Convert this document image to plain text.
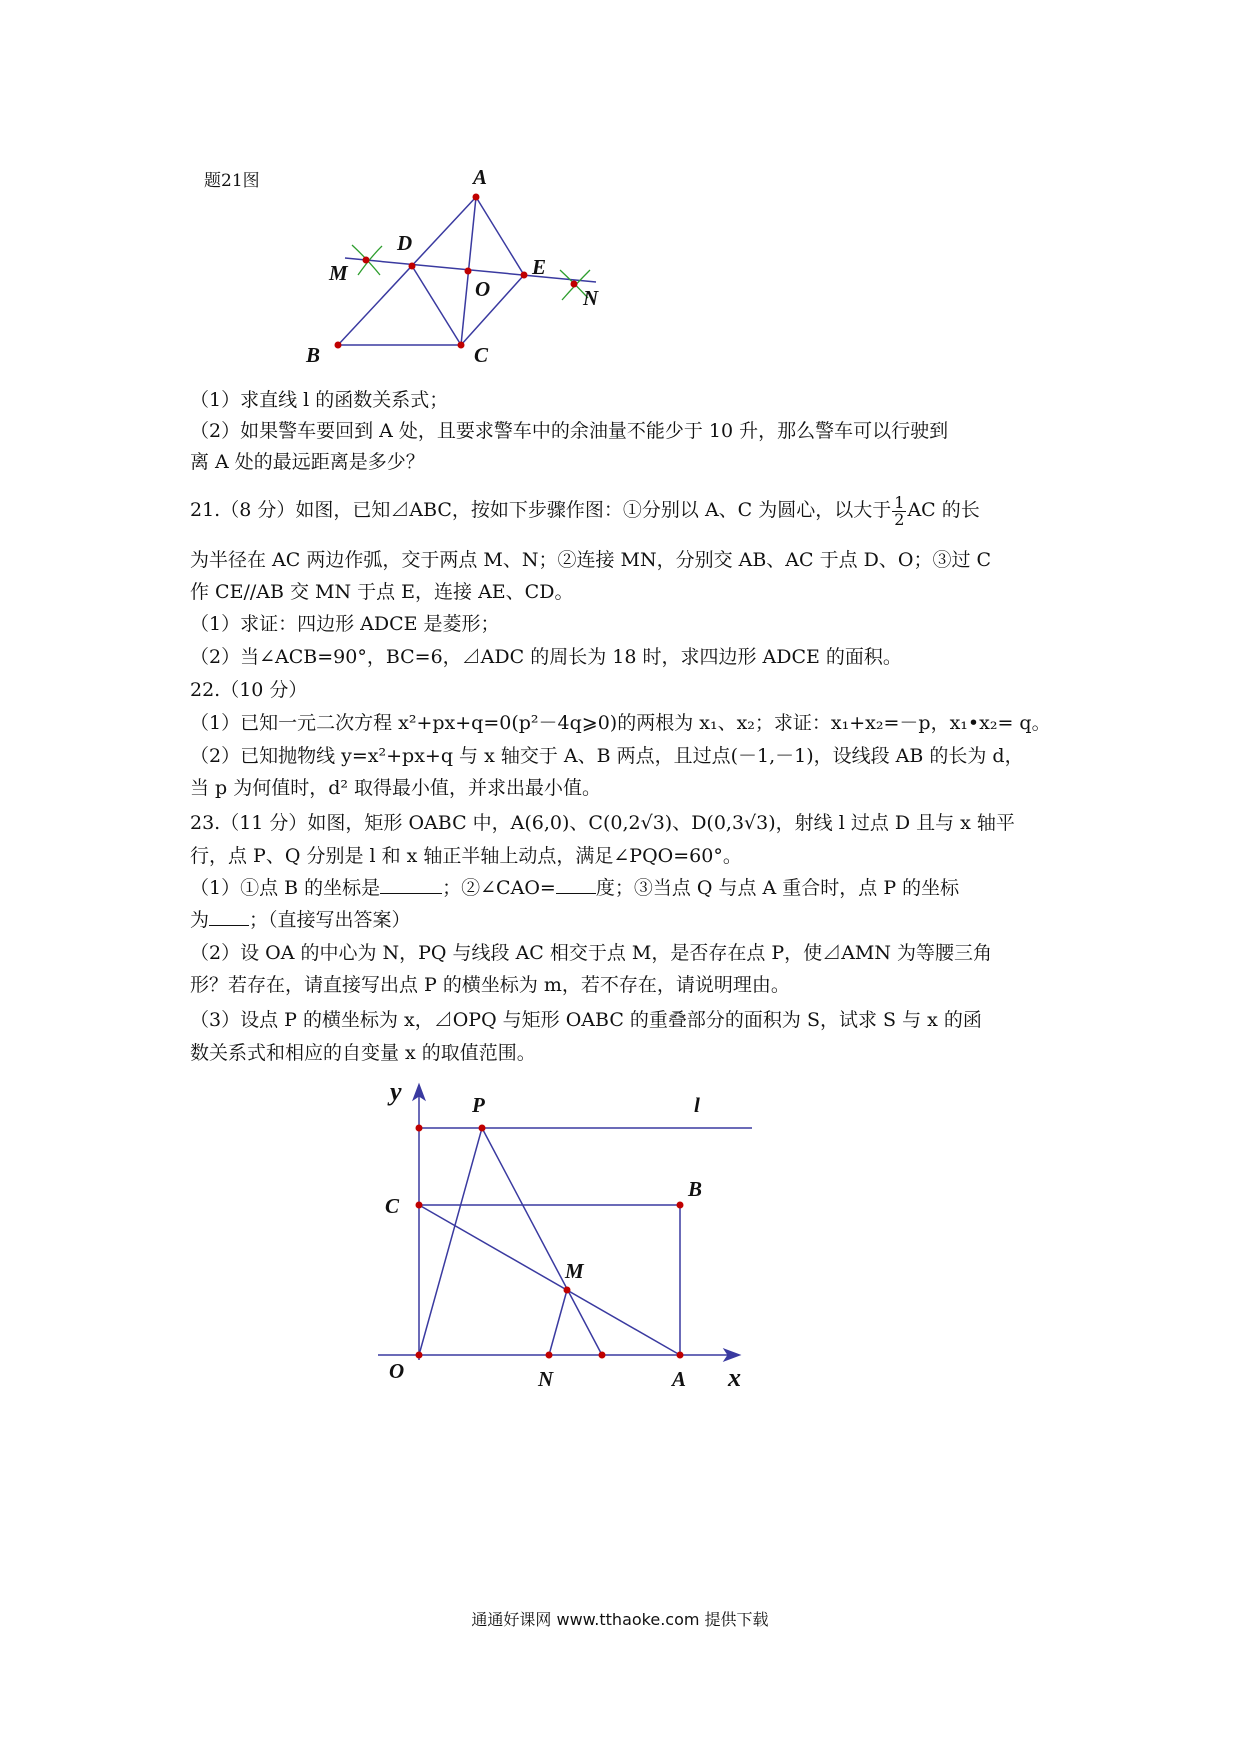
题21图	A
D
M	E
O	N
B	C
（1）求直线 l 的函数关系式；
（2）如果警车要回到 A 处，且要求警车中的余油量不能少于 10 升，那么警车可以行驶到
离 A 处的最远距离是多少？
21.（8 分）如图，已知⊿ABC，按如下步骤作图：①分别以 A、C 为圆心，以大于 $\frac{1}{2}$ AC 的长
为半径在 AC 两边作弧，交于两点 M、N；②连接 MN，分别交 AB、AC 于点 D、O；③过 C
作 CE//AB 交 MN 于点 E，连接 AE、CD。
（1）求证：四边形 ADCE 是菱形；
（2）当∠ACB=90°，BC=6，⊿ADC 的周长为 18 时，求四边形 ADCE 的面积。
22.（10 分）
（1）已知一元二次方程 x²+px+q=0(p²－4q⩾0)的两根为 x₁、x₂；求证：x₁+x₂=－p，x₁•x₂= q。
（2）已知抛物线 y=x²+px+q 与 x 轴交于 A、B 两点，且过点(－1,－1)，设线段 AB 的长为 d，
当 p 为何值时，d² 取得最小值，并求出最小值。
23.（11 分）如图，矩形 OABC 中，A(6,0)、C(0,2√3)、D(0,3√3)，射线 l 过点 D 且与 x 轴平
行，点 P、Q 分别是 l 和 x 轴正半轴上动点，满足∠PQO=60°。
（1）①点 B 的坐标是	；②∠CAO= 度；③当点 Q 与点 A 重合时，点 P 的坐标
为 ；（直接写出答案）
（2）设 OA 的中心为 N，PQ 与线段 AC 相交于点 M，是否存在点 P，使⊿AMN 为等腰三角
形？若存在，请直接写出点 P 的横坐标为 m，若不存在，请说明理由。
（3）设点 P 的横坐标为 x，⊿OPQ 与矩形 OABC 的重叠部分的面积为 S，试求 S 与 x 的函
数关系式和相应的自变量 x 的取值范围。
y	P	l
C
B
M
O	N	A x
通通好课网 www.tthaoke.com 提供下载
